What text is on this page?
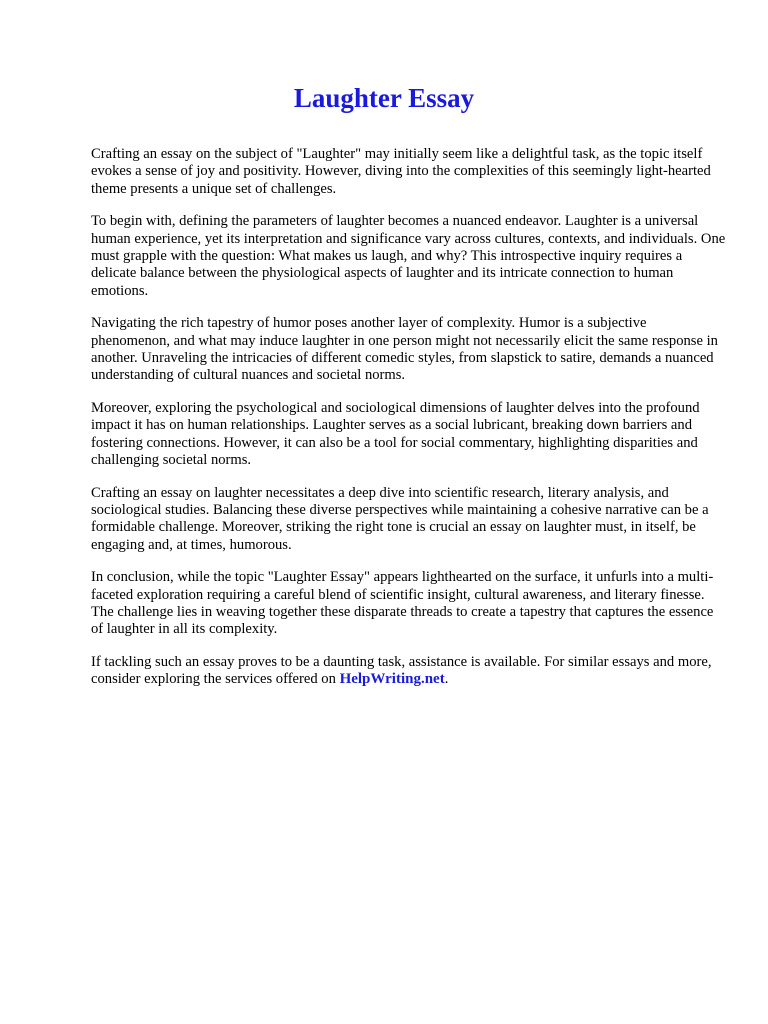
Laughter Essay

Crafting an essay on the subject of "Laughter" may initially seem like a delightful task, as the topic itself evokes a sense of joy and positivity. However, diving into the complexities of this seemingly light-hearted theme presents a unique set of challenges.

To begin with, defining the parameters of laughter becomes a nuanced endeavor. Laughter is a universal human experience, yet its interpretation and significance vary across cultures, contexts, and individuals. One must grapple with the question: What makes us laugh, and why? This introspective inquiry requires a delicate balance between the physiological aspects of laughter and its intricate connection to human emotions.

Navigating the rich tapestry of humor poses another layer of complexity. Humor is a subjective phenomenon, and what may induce laughter in one person might not necessarily elicit the same response in another. Unraveling the intricacies of different comedic styles, from slapstick to satire, demands a nuanced understanding of cultural nuances and societal norms.

Moreover, exploring the psychological and sociological dimensions of laughter delves into the profound impact it has on human relationships. Laughter serves as a social lubricant, breaking down barriers and fostering connections. However, it can also be a tool for social commentary, highlighting disparities and challenging societal norms.

Crafting an essay on laughter necessitates a deep dive into scientific research, literary analysis, and sociological studies. Balancing these diverse perspectives while maintaining a cohesive narrative can be a formidable challenge. Moreover, striking the right tone is crucial an essay on laughter must, in itself, be engaging and, at times, humorous.

In conclusion, while the topic "Laughter Essay" appears lighthearted on the surface, it unfurls into a multi-faceted exploration requiring a careful blend of scientific insight, cultural awareness, and literary finesse. The challenge lies in weaving together these disparate threads to create a tapestry that captures the essence of laughter in all its complexity.

If tackling such an essay proves to be a daunting task, assistance is available. For similar essays and more, consider exploring the services offered on HelpWriting.net.
